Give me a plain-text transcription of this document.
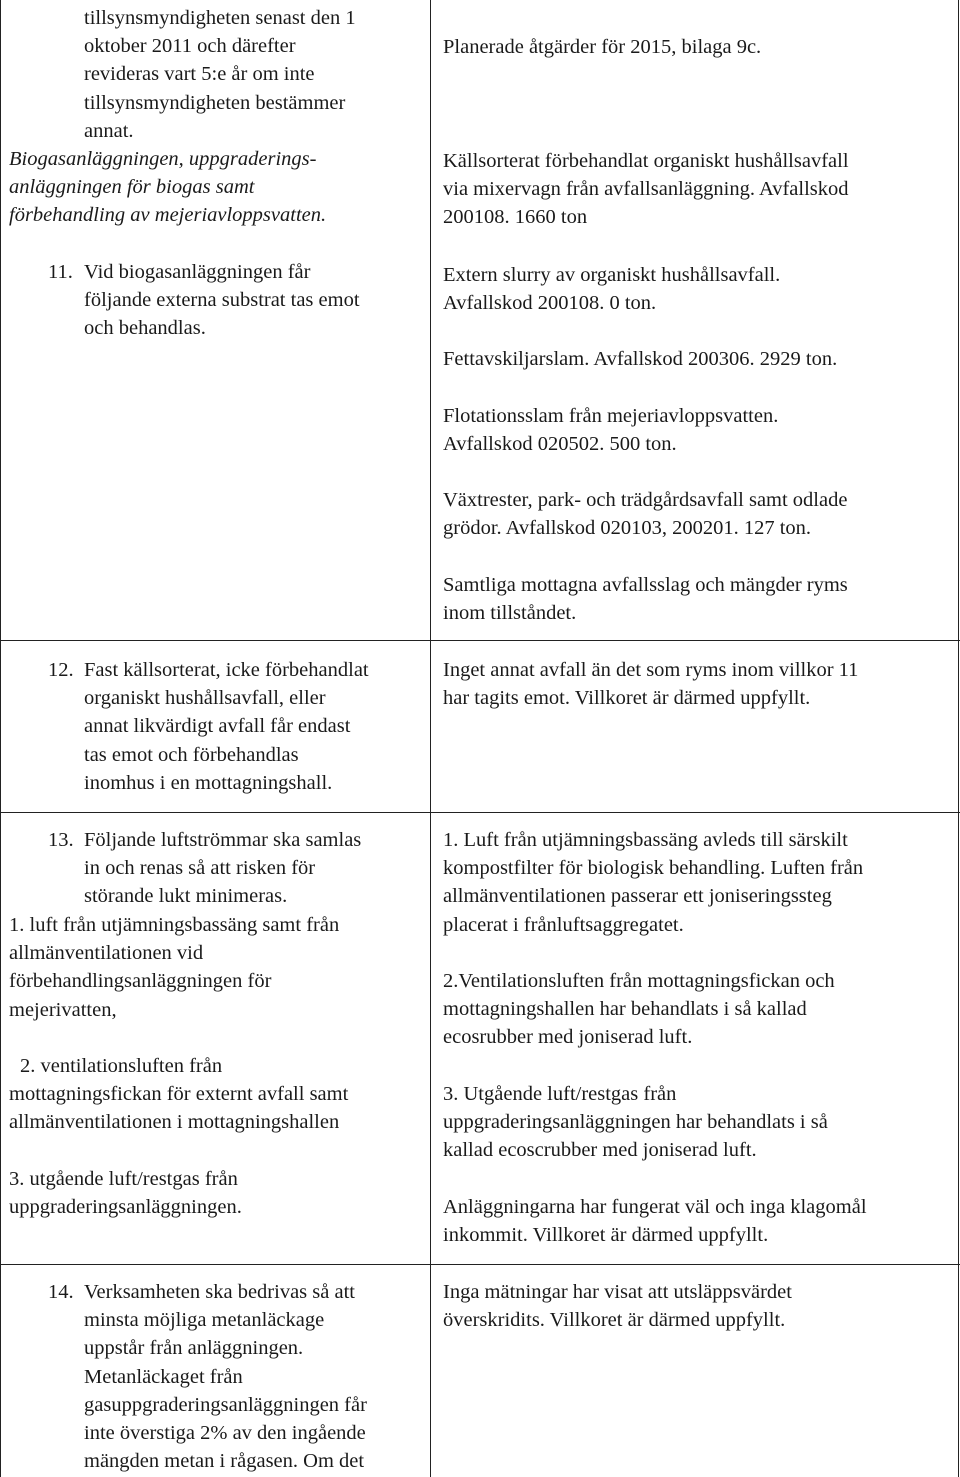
tillsynsmyndigheten senast den 1

oktober 2011 och därefter

revideras vart 5:e år om inte

tillsynsmyndigheten bestämmer

annat.

Biogasanläggningen, uppgraderings-

anläggningen för biogas samt

förbehandling av mejeriavloppsvatten.

11. Vid biogasanläggningen får

följande externa substrat tas emot

och behandlas.

Planerade åtgärder för 2015, bilaga 9c.

Källsorterat förbehandlat organiskt hushållsavfall

via mixervagn från avfallsanläggning. Avfallskod

200108. 1660 ton

Extern slurry av organiskt hushållsavfall.

Avfallskod 200108. 0 ton.

Fettavskiljarslam. Avfallskod 200306. 2929 ton.

Flotationsslam från mejeriavloppsvatten.

Avfallskod 020502. 500 ton.

Växtrester, park- och trädgårdsavfall samt odlade

grödor. Avfallskod 020103, 200201. 127 ton.

Samtliga mottagna avfallsslag och mängder ryms

inom tillståndet.

12. Fast källsorterat, icke förbehandlat

organiskt hushållsavfall, eller

annat likvärdigt avfall får endast

tas emot och förbehandlas

inomhus i en mottagningshall.

Inget annat avfall än det som ryms inom villkor 11

har tagits emot. Villkoret är därmed uppfyllt.

13. Följande luftströmmar ska samlas

in och renas så att risken för

störande lukt minimeras.

1. luft från utjämningsbassäng samt från

allmänventilationen vid

förbehandlingsanläggningen för

mejerivatten,

2. ventilationsluften från

mottagningsfickan för externt avfall samt

allmänventilationen i mottagningshallen

3. utgående luft/restgas från

uppgraderingsanläggningen.

1. Luft från utjämningsbassäng avleds till särskilt

kompostfilter för biologisk behandling. Luften från

allmänventilationen passerar ett joniseringssteg

placerat i frånluftsaggregatet.

2.Ventilationsluften från mottagningsfickan och

mottagningshallen har behandlats i så kallad

ecosrubber med joniserad luft.

3. Utgående luft/restgas från

uppgraderingsanläggningen har behandlats i så

kallad ecoscrubber med joniserad luft.

Anläggningarna har fungerat väl och inga klagomål

inkommit. Villkoret är därmed uppfyllt.

14. Verksamheten ska bedrivas så att

minsta möjliga metanläckage

uppstår från anläggningen.

Metanläckaget från

gasuppgraderingsanläggningen får

inte överstiga 2% av den ingående

mängden metan i rågasen. Om det

Inga mätningar har visat att utsläppsvärdet

överskridits. Villkoret är därmed uppfyllt.
